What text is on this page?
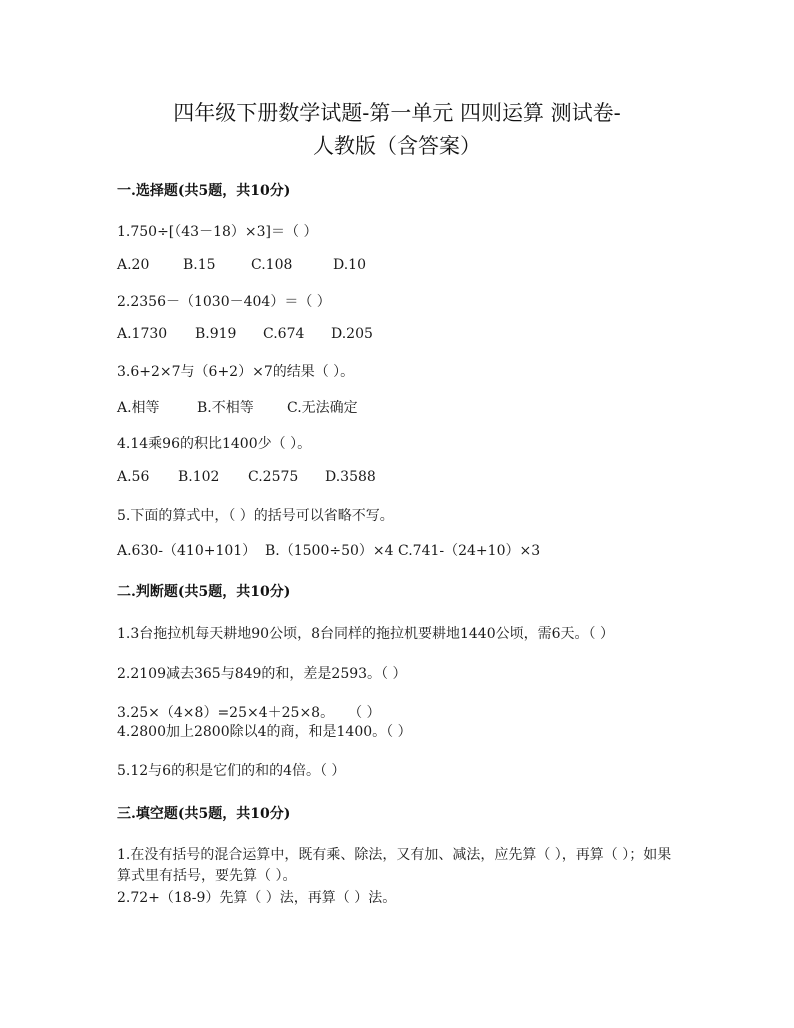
四年级下册数学试题-第一单元 四则运算 测试卷-
人教版（含答案）
一.选择题(共5题，共10分)
1.750÷[（43－18）×3]＝（ ）
A.20 B.15	C.108	D.10
2.2356－（1030－404）＝（ ）
A.1730 B.919 C.674 D.205
3.6+2×7与（6+2）×7的结果（ ）。
A.相等	B.不相等 C.无法确定
4.14乘96的积比1400少（ ）。
A.56 B.102 C.2575 D.3588
5.下面的算式中，（ ）的括号可以省略不写。
A.630-（410+101） B.（1500÷50）×4 C.741-（24+10）×3
二.判断题(共5题，共10分)
1.3台拖拉机每天耕地90公顷，8台同样的拖拉机要耕地1440公顷，需6天。（ ）
2.2109减去365与849的和，差是2593。（ ）
3.25×（4×8）=25×4＋25×8。　　（ ）
4.2800加上2800除以4的商，和是1400。（ ）
5.12与6的积是它们的和的4倍。（ ）
三.填空题(共5题，共10分)
1.在没有括号的混合运算中，既有乘、除法，又有加、减法，应先算（ ），再算（ ）；如果算式里有括号，要先算（ ）。
2.72+（18-9）先算（ ）法，再算（ ）法。
